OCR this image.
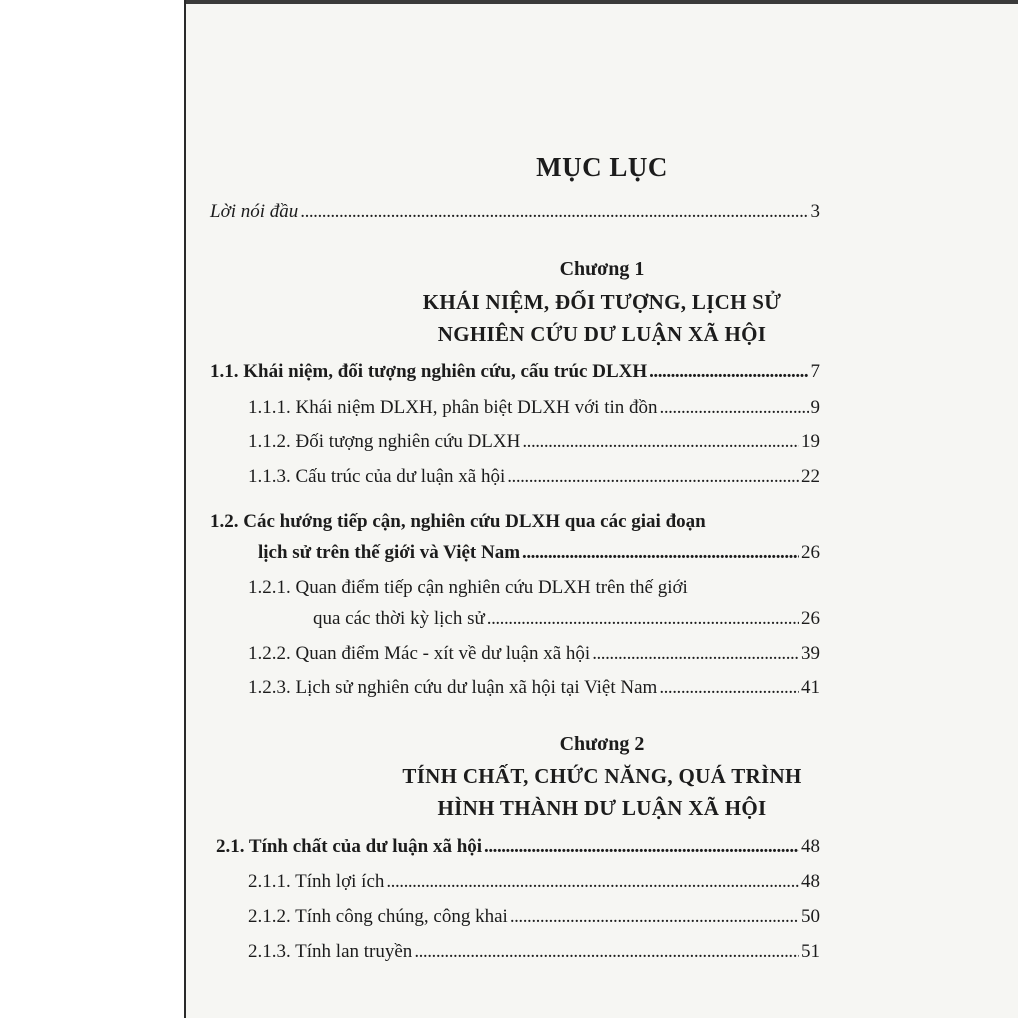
MỤC LỤC
Lời nói đầu . . .	3
Chương 1
KHÁI NIỆM, ĐỐI TƯỢNG, LỊCH SỬ
NGHIÊN CỨU DƯ LUẬN XÃ HỘI
1.1. Khái niệm, đối tượng nghiên cứu, cấu trúc DLXH . . .	7
1.1.1. Khái niệm DLXH, phân biệt DLXH với tin đồn . . .	9
1.1.2. Đối tượng nghiên cứu DLXH . . .	19
1.1.3. Cấu trúc của dư luận xã hội . . .	22
1.2. Các hướng tiếp cận, nghiên cứu DLXH qua các giai đoạn
lịch sử trên thế giới và Việt Nam . . .	26
1.2.1. Quan điểm tiếp cận nghiên cứu DLXH trên thế giới
qua các thời kỳ lịch sử . . .	26
1.2.2. Quan điểm Mác - xít về dư luận xã hội . . .	39
1.2.3. Lịch sử nghiên cứu dư luận xã hội tại Việt Nam . . .	41
Chương 2
TÍNH CHẤT, CHỨC NĂNG, QUÁ TRÌNH
HÌNH THÀNH DƯ LUẬN XÃ HỘI
2.1. Tính chất của dư luận xã hội . . .	48
2.1.1. Tính lợi ích . . .	48
2.1.2. Tính công chúng, công khai . . .	50
2.1.3. Tính lan truyền . . .	51
